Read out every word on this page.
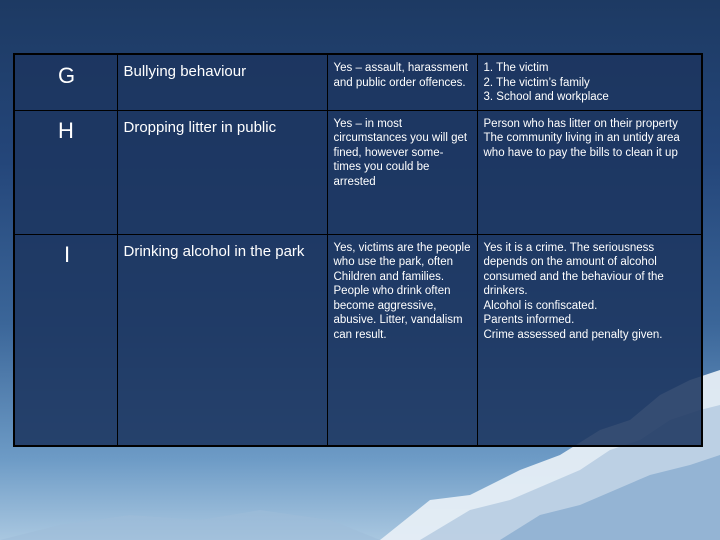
G	Bullying behaviour	Yes – assault, harassment and public order offences.	1. The victim
2. The victim’s family
3. School and workplace

H	Dropping litter in public	Yes – in most circumstances you will get fined, however some-
times you could be arrested	Person who has litter on their property
The community living in an untidy area who have to pay the bills to clean it up

I	Drinking alcohol in the park	Yes, victims are the people who use the park, often
Children and families.
People who drink often become aggressive, abusive. Litter, vandalism can result.	Yes it is a crime. The seriousness depends on the amount of alcohol consumed and the behaviour of the drinkers.
Alcohol is confiscated.
Parents informed.
Crime assessed and penalty given.
